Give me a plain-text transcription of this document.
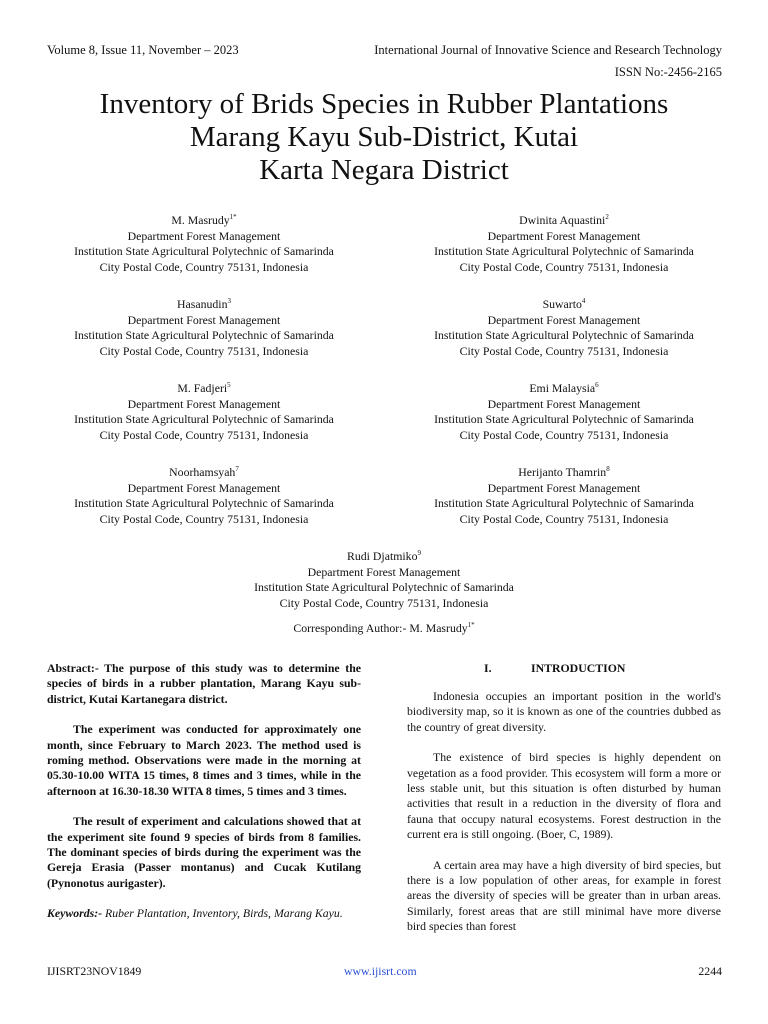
Volume 8, Issue 11, November – 2023	International Journal of Innovative Science and Research Technology
ISSN No:-2456-2165
Inventory of Brids Species in Rubber Plantations
Marang Kayu Sub-District, Kutai
Karta Negara District
M. Masrudy$^{1*}$
Department Forest Management
Institution State Agricultural Polytechnic of Samarinda
City Postal Code, Country 75131, Indonesia
Dwinita Aquastini$^2$
Department Forest Management
Institution State Agricultural Polytechnic of Samarinda
City Postal Code, Country 75131, Indonesia
Hasanudin$^3$
Department Forest Management
Institution State Agricultural Polytechnic of Samarinda
City Postal Code, Country 75131, Indonesia
Suwarto$^4$
Department Forest Management
Institution State Agricultural Polytechnic of Samarinda
City Postal Code, Country 75131, Indonesia
M. Fadjeri$^5$
Department Forest Management
Institution State Agricultural Polytechnic of Samarinda
City Postal Code, Country 75131, Indonesia
Emi Malaysia$^6$
Department Forest Management
Institution State Agricultural Polytechnic of Samarinda
City Postal Code, Country 75131, Indonesia
Noorhamsyah$^7$
Department Forest Management
Institution State Agricultural Polytechnic of Samarinda
City Postal Code, Country 75131, Indonesia
Herijanto Thamrin$^8$
Department Forest Management
Institution State Agricultural Polytechnic of Samarinda
City Postal Code, Country 75131, Indonesia
Rudi Djatmiko$^9$
Department Forest Management
Institution State Agricultural Polytechnic of Samarinda
City Postal Code, Country 75131, Indonesia
Corresponding Author:- M. Masrudy$^{1*}$

Abstract:- The purpose of this study was to determine the species of birds in a rubber plantation, Marang Kayu sub-district, Kutai Kartanegara district.

The experiment was conducted for approximately one month, since February to March 2023. The method used is roming method. Observations were made in the morning at 05.30-10.00 WITA 15 times, 8 times and 3 times, while in the afternoon at 16.30-18.30 WITA 8 times, 5 times and 3 times.

The result of experiment and calculations showed that at the experiment site found 9 species of birds from 8 families. The dominant species of birds during the experiment was the Gereja Erasia (Passer montanus) and Cucak Kutilang (Pynonotus aurigaster).

Keywords:- Ruber Plantation, Inventory, Birds, Marang Kayu.

I.	INTRODUCTION

Indonesia occupies an important position in the world's biodiversity map, so it is known as one of the countries dubbed as the country of great diversity.

The existence of bird species is highly dependent on vegetation as a food provider. This ecosystem will form a more or less stable unit, but this situation is often disturbed by human activities that result in a reduction in the diversity of flora and fauna that occupy natural ecosystems. Forest destruction in the current era is still ongoing. (Boer, C, 1989).

A certain area may have a high diversity of bird species, but there is a low population of other areas, for example in forest areas the diversity of species will be greater than in urban areas. Similarly, forest areas that are still minimal have more diverse bird species than forest

IJISRT23NOV1849	www.ijisrt.com	2244
